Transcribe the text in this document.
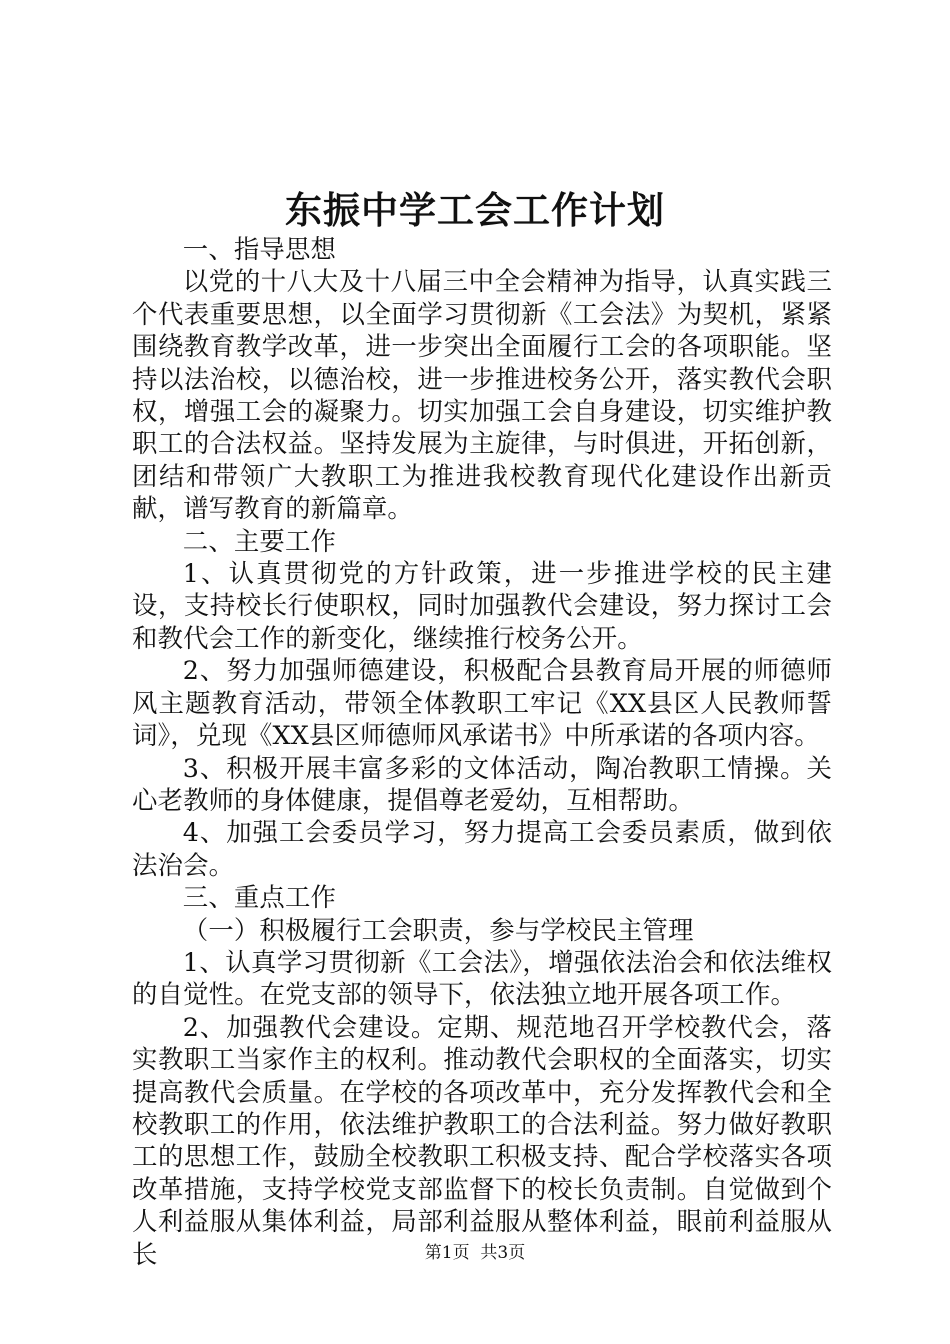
东振中学工会工作计划

一、指导思想

以党的十八大及十八届三中全会精神为指导，认真实践三个代表重要思想，以全面学习贯彻新《工会法》为契机，紧紧围绕教育教学改革，进一步突出全面履行工会的各项职能。坚持以法治校，以德治校，进一步推进校务公开，落实教代会职权，增强工会的凝聚力。切实加强工会自身建设，切实维护教职工的合法权益。坚持发展为主旋律，与时俱进，开拓创新，团结和带领广大教职工为推进我校教育现代化建设作出新贡献，谱写教育的新篇章。

二、主要工作

1、认真贯彻党的方针政策，进一步推进学校的民主建设，支持校长行使职权，同时加强教代会建设，努力探讨工会和教代会工作的新变化，继续推行校务公开。

2、努力加强师德建设，积极配合县教育局开展的师德师风主题教育活动，带领全体教职工牢记《XX县区人民教师誓词》，兑现《XX县区师德师风承诺书》中所承诺的各项内容。

3、积极开展丰富多彩的文体活动，陶冶教职工情操。关心老教师的身体健康，提倡尊老爱幼，互相帮助。

4、加强工会委员学习，努力提高工会委员素质，做到依法治会。

三、重点工作

（一）积极履行工会职责，参与学校民主管理

1、认真学习贯彻新《工会法》，增强依法治会和依法维权的自觉性。在党支部的领导下，依法独立地开展各项工作。

2、加强教代会建设。定期、规范地召开学校教代会，落实教职工当家作主的权利。推动教代会职权的全面落实，切实提高教代会质量。在学校的各项改革中，充分发挥教代会和全校教职工的作用，依法维护教职工的合法利益。努力做好教职工的思想工作，鼓励全校教职工积极支持、配合学校落实各项改革措施，支持学校党支部监督下的校长负责制。自觉做到个人利益服从集体利益，局部利益服从整体利益，眼前利益服从长	第1页  共3页
